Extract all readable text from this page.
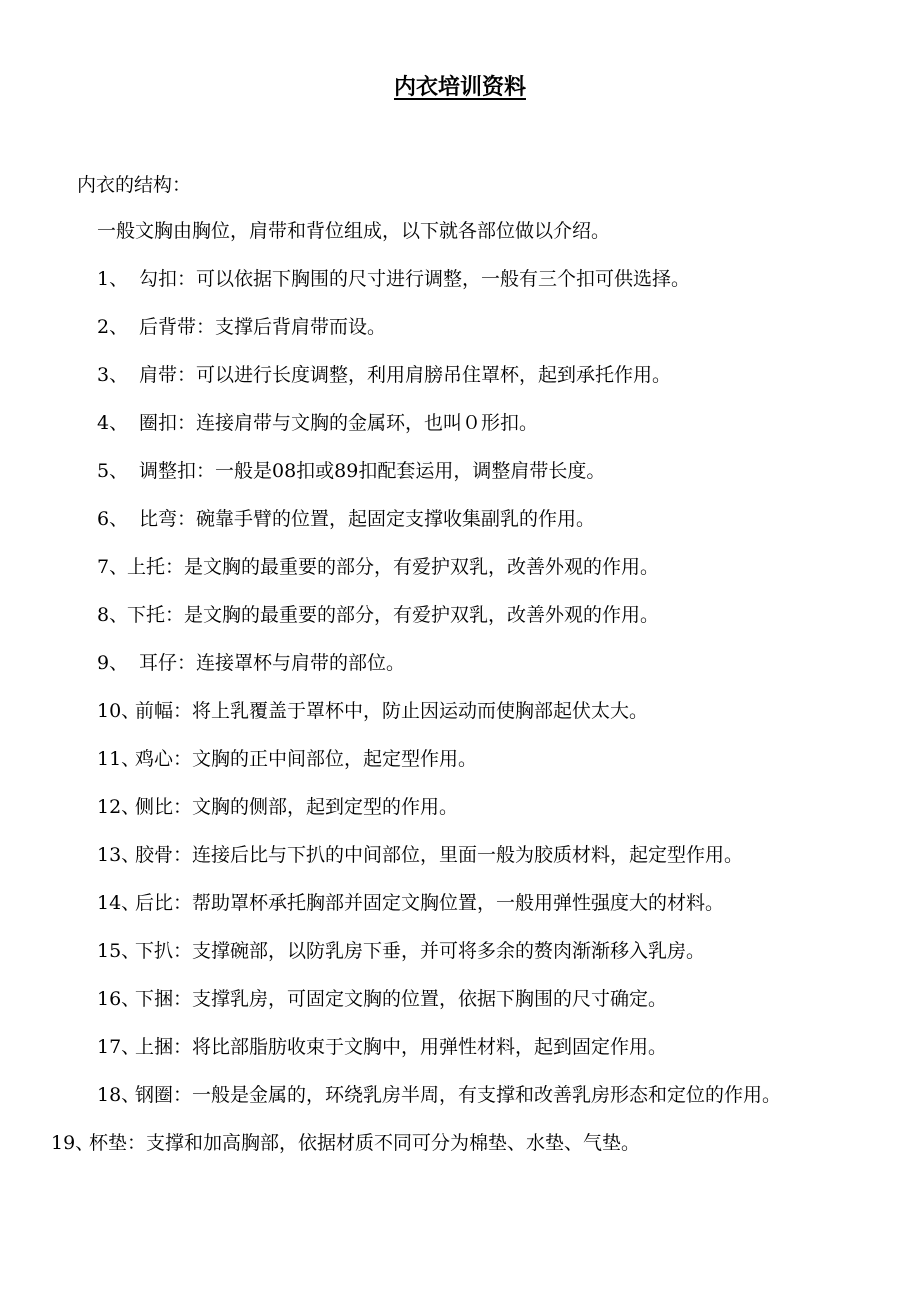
内衣培训资料
内衣的结构：
一般文胸由胸位，肩带和背位组成，以下就各部位做以介绍。
1、 勾扣：可以依据下胸围的尺寸进行调整，一般有三个扣可供选择。
2、 后背带：支撑后背肩带而设。
3、 肩带：可以进行长度调整，利用肩膀吊住罩杯，起到承托作用。
4、 圈扣：连接肩带与文胸的金属环，也叫０形扣。
5、 调整扣：一般是08扣或89扣配套运用，调整肩带长度。
6、 比弯：碗靠手臂的位置，起固定支撑收集副乳的作用。
7、上托：是文胸的最重要的部分，有爱护双乳，改善外观的作用。
8、下托：是文胸的最重要的部分，有爱护双乳，改善外观的作用。
9、 耳仔：连接罩杯与肩带的部位。
10、前幅：将上乳覆盖于罩杯中，防止因运动而使胸部起伏太大。
11、鸡心：文胸的正中间部位，起定型作用。
12、侧比：文胸的侧部，起到定型的作用。
13、胶骨：连接后比与下扒的中间部位，里面一般为胶质材料，起定型作用。
14、后比：帮助罩杯承托胸部并固定文胸位置，一般用弹性强度大的材料。
15、下扒：支撑碗部，以防乳房下垂，并可将多余的赘肉渐渐移入乳房。
16、下捆：支撑乳房，可固定文胸的位置，依据下胸围的尺寸确定。
17、上捆：将比部脂肪收束于文胸中，用弹性材料，起到固定作用。
18、钢圈：一般是金属的，环绕乳房半周，有支撑和改善乳房形态和定位的作用。
19、杯垫：支撑和加高胸部，依据材质不同可分为棉垫、水垫、气垫。
